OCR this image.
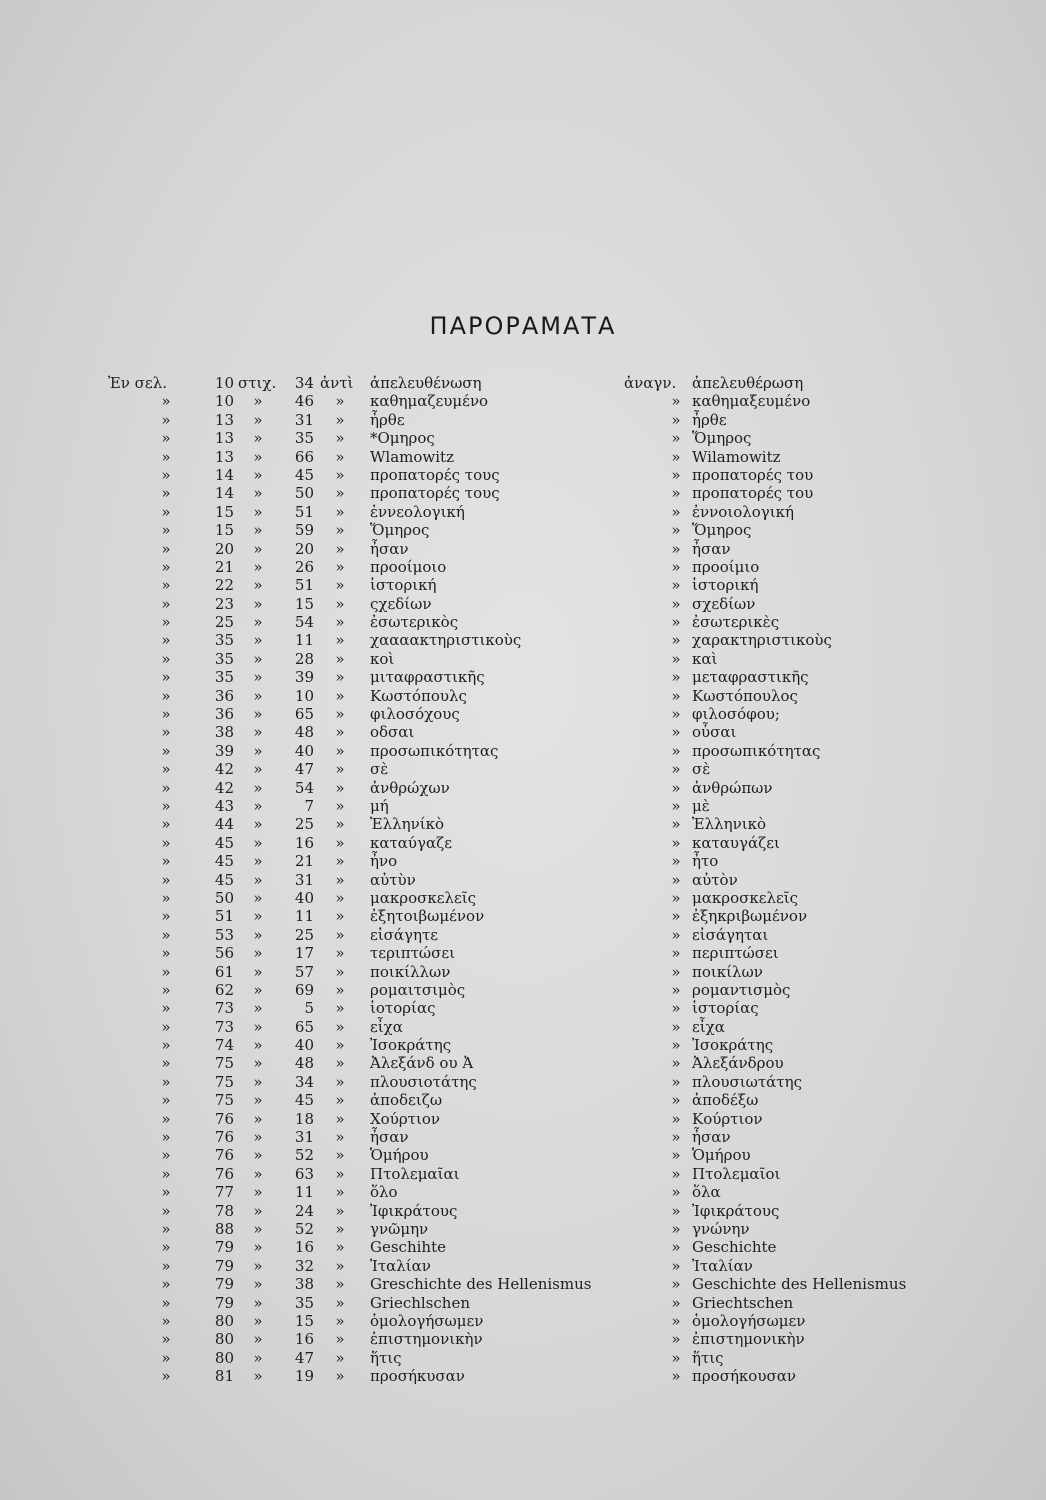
ΠΑΡΟΡΑΜΑΤΑ
Ἐν σελ.	10 στιχ.	34 ἀντὶ	ἀπελευθένωση	ἀναγν.	ἀπελευθέρωση
»	10 »	46 » καθημαζευμένο	» καθημαξευμένο
»	13 »	31 » ἦρθε	» ἦρθε
»	13 »	35 » *Ομηρος	» Ὅμηρος
»	13 »	66 » Wlamowitz	» Wilamowitz
»	14 »	45 » προπατορές τους	» προπατορές του
»	14 »	50 » προπατορές τους	» προπατορές του
»	15 »	51 » ἐννεολογική	» ἐννοιολογική
»	15 »	59 » Ὅμηρος	» Ὅμηρος
»	20 »	20 » ἦσαν	» ἦσαν
»	21 »	26 » προοίμοιο	» προοίμιο
»	22 »	51 » ἱστορική	» ἱστορική
»	23 »	15 » ςχεδίων	» σχεδίων
»	25 »	54 » ἐσωτερικὸς	» ἐσωτερικὲς
»	35 »	11 » χαααακτηριστικοὺς	» χαρακτηριστικοὺς
»	35 »	28 » κοὶ	» καὶ
»	35 »	39 » μιταφραστικῆς	» μεταφραστικῆς
»	36 »	10 » Κωστόπουλς	» Κωστόπουλος
»	36 »	65 » φιλοσόχους	» φιλοσόφου;
»	38 »	48 » οδσαι	» οὖσαι
»	39 »	40 » προσωπικότητας	» προσωπικότητας
»	42 »	47 » σὲ	» σὲ
»	42 »	54 » ἀνθρώχων	» ἀνθρώπων
»	43 »	7 » μή	» μὲ
»	44 »	25 » Ἑλληνίκὸ	» Ἑλληνικὸ
»	45 »	16 » καταύγαζε	» καταυγάζει
»	45 »	21 » ἦνο	» ἦτο
»	45 »	31 » αὐτὺν	» αὐτὸν
»	50 »	40 » μακροσκελεῖς	» μακροσκελεῖς
»	51 »	11 » ἐξητοιβωμένον	» ἐξηκριβωμένον
»	53 »	25 » εἰσάγητε	» εἰσάγηται
»	56 »	17 » τεριπτώσει	» περιπτώσει
»	61 »	57 » ποικίλλων	» ποικίλων
»	62 »	69 » ρομαιτσιμὸς	» ρομαντισμὸς
»	73 »	5 » ἱοτορίας	» ἱστορίας
»	73 »	65 » εἶχα	» εἶχα
»	74 »	40 » Ἰσοκράτης	» Ἰσοκράτης
»	75 »	48 » Ἀλεξάνδ ου Ἀ	» Ἀλεξάνδρου
»	75 »	34 » πλουσιοτάτης	» πλουσιωτάτης
»	75 »	45 » ἀποδειζω	» ἀποδέξω
»	76 »	18 » Χούρτιον	» Κούρτιον
»	76 »	31 » ἦσαν	» ἦσαν
»	76 »	52 » Ὁμήρου	» Ὁμήρου
»	76 »	63 » Πτολεμαῖαι	» Πτολεμαῖοι
»	77 »	11 » ὅλο	» ὅλα
»	78 »	24 » Ἰφικράτους	» Ἰφικράτους
»	88 »	52 » γνῶμην	» γνώνην
»	79 »	16 » Geschihte	» Geschichte
»	79 »	32 » Ἰταλίαν	» Ἰταλίαν
»	79 »	38 » Greschichte des Hellenismus	» Geschichte des Hellenismus
»	79 »	35 » Griechlschen	» Griechtschen
»	80 »	15 » ὁμολογήσωμεν	» ὁμολογήσωμεν
»	80 »	16 » ἐπιστημονικὴν	» ἐπιστημονικὴν
»	80 »	47 » ἥτις	» ἥτις
»	81 »	19 » προσήκυσαν	» προσήκουσαν
